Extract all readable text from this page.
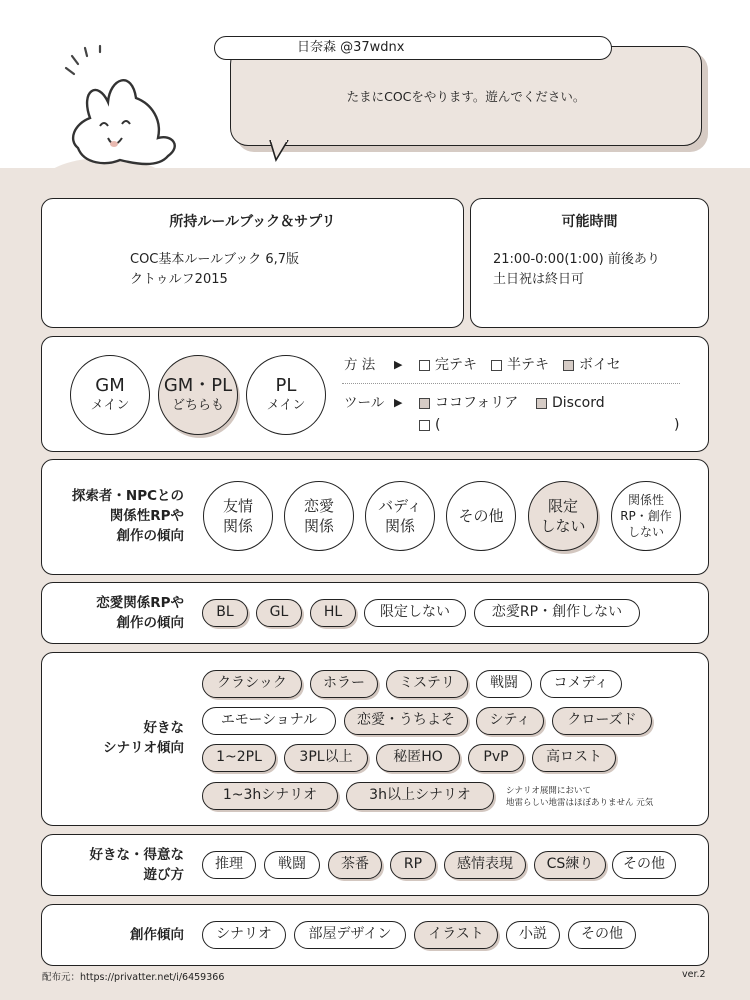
たまにCOCをやります。遊んでください。
日奈森 @37wdnx
所持ルールブック＆サプリ
COC基本ルールブック 6,7版
クトゥルフ2015
可能時間
21:00-0:00(1:00) 前後あり
土日祝は終日可
GM
メイン
GM・PL
どちらも
PL
メイン
方 法 ▶ 完テキ 半テキ ボイセ
ツール ▶ ココフォリア Discord
(	)
探索者・NPCとの
関係性RPや
創作の傾向
友情
関係
恋愛
関係
バディ
関係
その他
限定
しない
関係性
RP・創作
しない
恋愛関係RPや
創作の傾向
BL	GL	HL	限定しない	恋愛RP・創作しない
好きな
シナリオ傾向
クラシック	ホラー	ミステリ	戦闘	コメディ
エモーショナル	恋愛・うちよそ	シティ	クローズド
1~2PL	3PL以上	秘匿HO	PvP	高ロスト
1~3hシナリオ	3h以上シナリオ	シナリオ展開において
地雷らしい地雷はほぼありません 元気
好きな・得意な
遊び方
推理	戦闘	茶番	RP	感情表現	CS練り	その他
創作傾向	シナリオ	部屋デザイン	イラスト	小説	その他
配布元：https://privatter.net/i/6459366	ver.2
